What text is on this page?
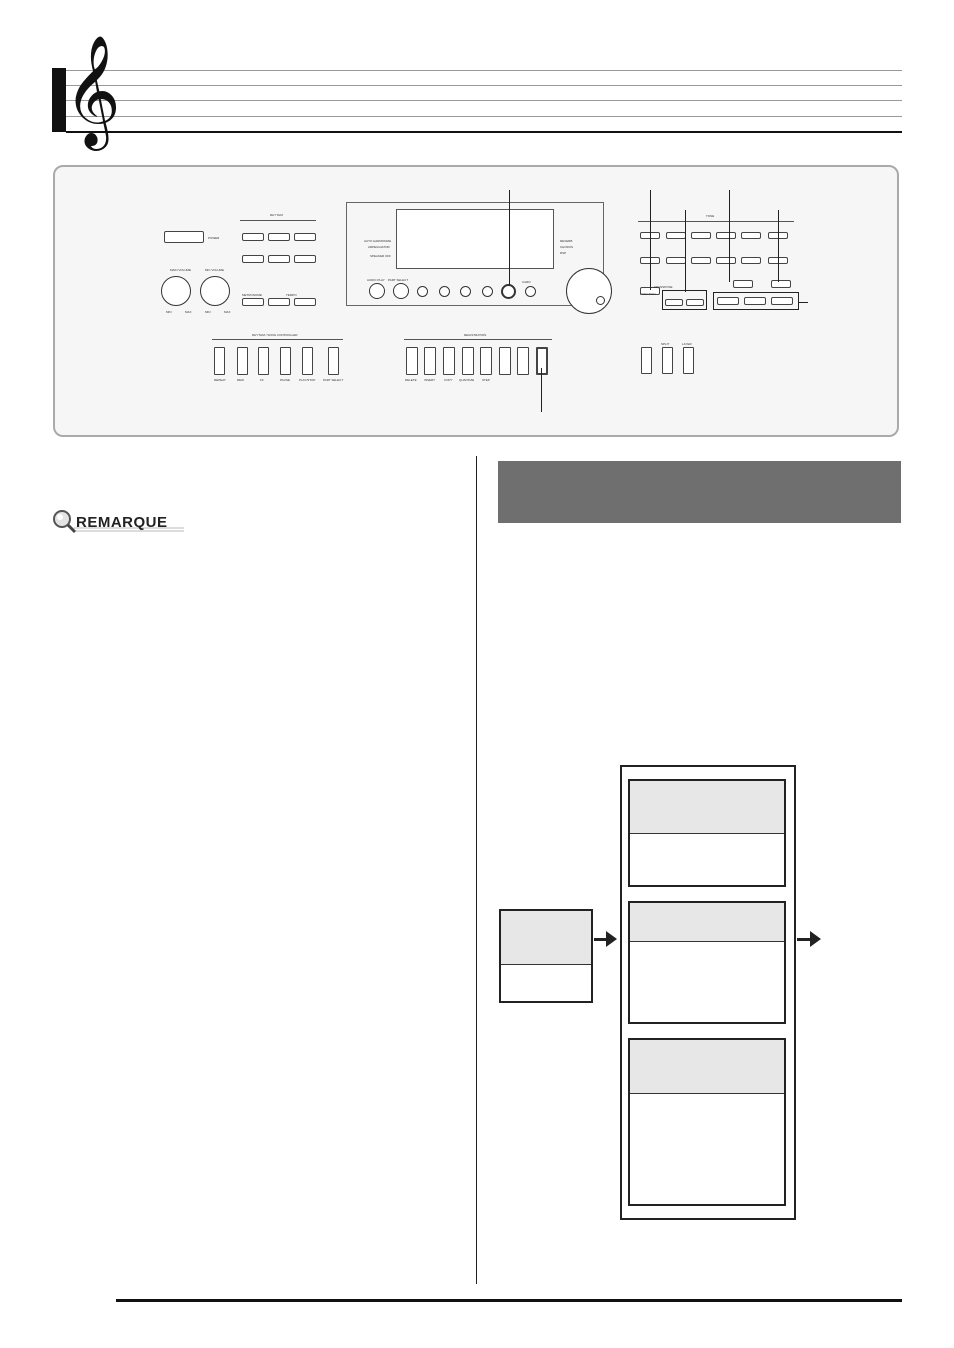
𝄞
POWER
MAIN VOLUME	MIC VOLUME
MIN	MAX	MIN	MAX
RHYTHM
METRONOME	TEMPO
AUTO HARMONIZE
ARPEGGIATOR
SPEAKER OFF
REVERB
CHORUS
DSP
AUDIO PLAY PART SELECT	CARD
TONE
FUNCTION
TRANSPOSE
RHYTHM / SONG CONTROLLER
REPEAT	REW	FF	PAUSE	PLAY/STOP	PART SELECT
REGISTRATION
DELETE INSERT	COPY QUANTIZE	STEP
SPLIT	LAYER
REMARQUE
